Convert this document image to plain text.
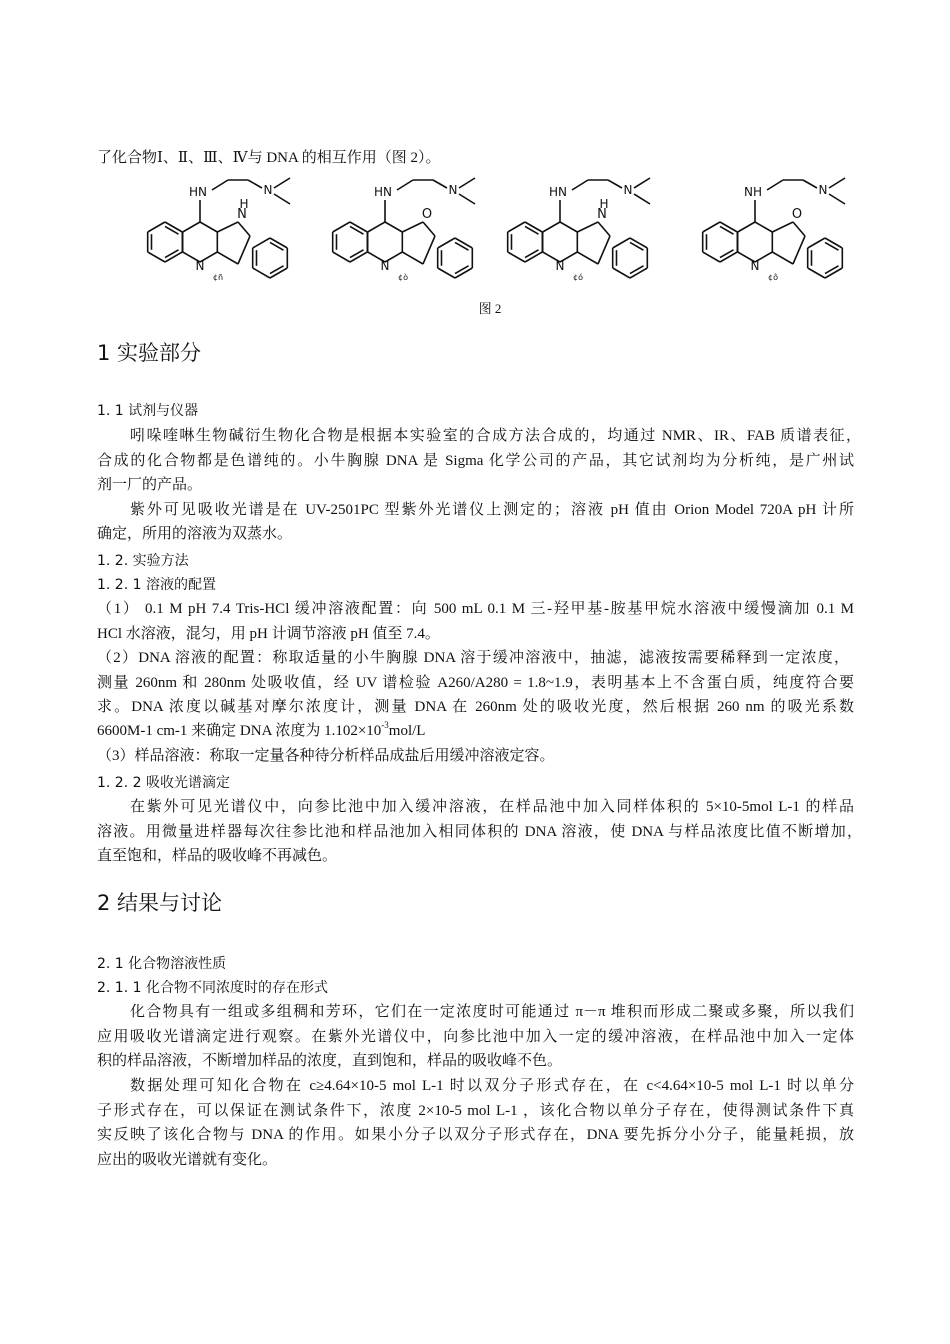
了化合物Ⅰ、Ⅱ、Ⅲ、Ⅳ与 DNA 的相互作用（图 2）。
HN	N
N
H
N
¢ñ
HN	N
O
N
¢ò
HN	N
N
H
N
¢ó
NH	N
O
N
¢ô
图 2
1 实验部分
1. 1 试剂与仪器
吲哚喹啉生物碱衍生物化合物是根据本实验室的合成方法合成的，均通过 NMR、IR、FAB 质谱表征，
合成的化合物都是色谱纯的。小牛胸腺 DNA 是 Sigma 化学公司的产品，其它试剂均为分析纯，是广州试
剂一厂的产品。
紫外可见吸收光谱是在 UV-2501PC 型紫外光谱仪上测定的；溶液 pH 值由 Orion Model 720A pH 计所
确定，所用的溶液为双蒸水。
1. 2. 实验方法
1. 2. 1 溶液的配置
（1） 0.1 M pH 7.4 Tris-HCl 缓冲溶液配置：向 500 mL 0.1 M 三-羟甲基-胺基甲烷水溶液中缓慢滴加 0.1 M
HCl 水溶液，混匀，用 pH 计调节溶液 pH 值至 7.4。
（2）DNA 溶液的配置：称取适量的小牛胸腺 DNA 溶于缓冲溶液中，抽滤，滤液按需要稀释到一定浓度，
测量 260nm 和 280nm 处吸收值，经 UV 谱检验 A260/A280 = 1.8~1.9，表明基本上不含蛋白质，纯度符合要
求。DNA 浓度以碱基对摩尔浓度计，测量 DNA 在 260nm 处的吸收光度，然后根据 260 nm 的吸光系数
6600M-1 cm-1 来确定 DNA 浓度为 $1.102\times 10^{-3}mol/L$
（3）样品溶液：称取一定量各种待分析样品成盐后用缓冲溶液定容。
1. 2. 2 吸收光谱滴定
在紫外可见光谱仪中，向参比池中加入缓冲溶液，在样品池中加入同样体积的 5×10-5mol L-1 的样品
溶液。用微量进样器每次往参比池和样品池加入相同体积的 DNA 溶液，使 DNA 与样品浓度比值不断增加，
直至饱和，样品的吸收峰不再减色。
2 结果与讨论
2. 1 化合物溶液性质
2. 1. 1 化合物不同浓度时的存在形式
化合物具有一组或多组稠和芳环，它们在一定浓度时可能通过 π－π 堆积而形成二聚或多聚，所以我们
应用吸收光谱滴定进行观察。在紫外光谱仪中，向参比池中加入一定的缓冲溶液，在样品池中加入一定体
积的样品溶液，不断增加样品的浓度，直到饱和，样品的吸收峰不色。
数据处理可知化合物在 c≥4.64×10-5 mol L-1 时以双分子形式存在，在 c<4.64×10-5 mol L-1 时以单分
子形式存在，可以保证在测试条件下，浓度 2×10-5 mol L-1 ，该化合物以单分子存在，使得测试条件下真
实反映了该化合物与 DNA 的作用。如果小分子以双分子形式存在，DNA 要先拆分小分子，能量耗损，放
应出的吸收光谱就有变化。
